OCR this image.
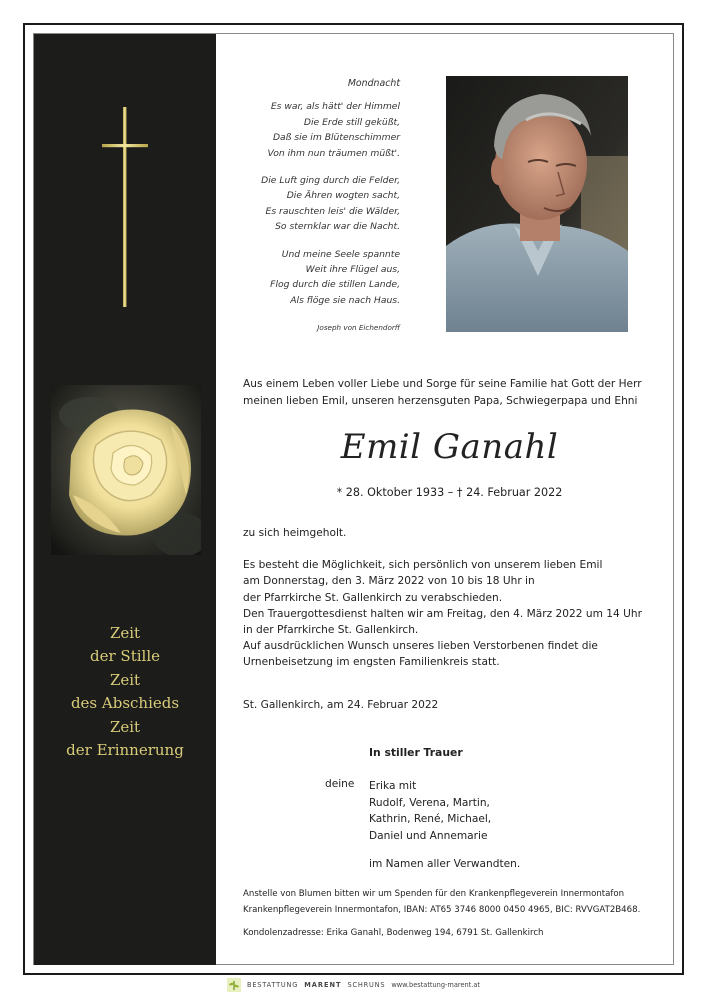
Zeit
der Stille
Zeit
des Abschieds
Zeit
der Erinnerung
Mondnacht
Es war, als hätt' der Himmel
Die Erde still geküßt,
Daß sie im Blütenschimmer
Von ihm nun träumen müßt'.
Die Luft ging durch die Felder,
Die Ähren wogten sacht,
Es rauschten leis' die Wälder,
So sternklar war die Nacht.
Und meine Seele spannte
Weit ihre Flügel aus,
Flog durch die stillen Lande,
Als flöge sie nach Haus.
Joseph von Eichendorff
Aus einem Leben voller Liebe und Sorge für seine Familie hat Gott der Herr
meinen lieben Emil, unseren herzensguten Papa, Schwiegerpapa und Ehni
Emil Ganahl
* 28. Oktober 1933 – † 24. Februar 2022
zu sich heimgeholt.
Es besteht die Möglichkeit, sich persönlich von unserem lieben Emil
am Donnerstag, den 3. März 2022 von 10 bis 18 Uhr in
der Pfarrkirche St. Gallenkirch zu verabschieden.
Den Trauergottesdienst halten wir am Freitag, den 4. März 2022 um 14 Uhr
in der Pfarrkirche St. Gallenkirch.
Auf ausdrücklichen Wunsch unseres lieben Verstorbenen findet die
Urnenbeisetzung im engsten Familienkreis statt.
St. Gallenkirch, am 24. Februar 2022
In stiller Trauer
deine Erika mit
Rudolf, Verena, Martin,
Kathrin, René, Michael,
Daniel und Annemarie
im Namen aller Verwandten.
Anstelle von Blumen bitten wir um Spenden für den Krankenpflegeverein Innermontafon
Krankenpflegeverein Innermontafon, IBAN: AT65 3746 8000 0450 4965, BIC: RVVGAT2B468.
Kondolenzadresse: Erika Ganahl, Bodenweg 194, 6791 St. Gallenkirch
BESTATTUNG MARENT SCHRUNS www.bestattung-marent.at
